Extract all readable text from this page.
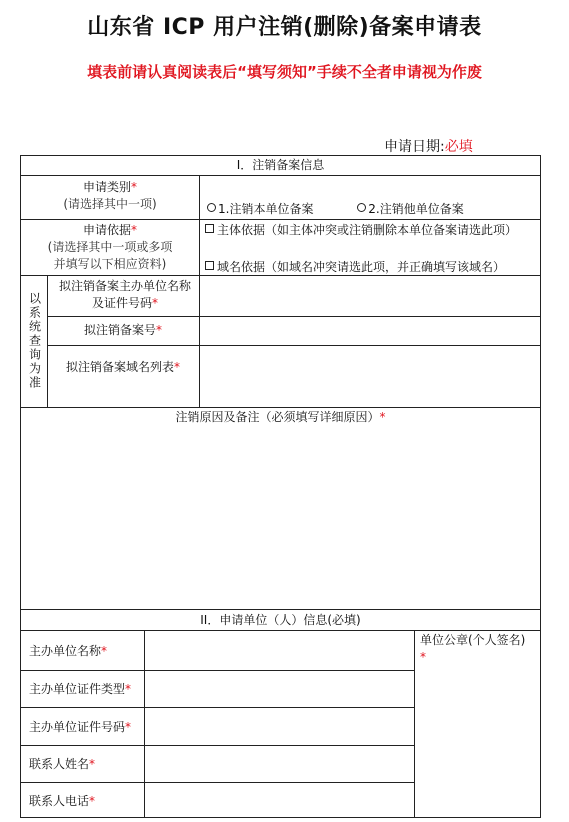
山东省 ICP 用户注销(删除)备案申请表
填表前请认真阅读表后“填写须知”手续不全者申请视为作废
申请日期:必填
I．注销备案信息
申请类别*
(请选择其中一项)	1.注销本单位备案	2.注销他单位备案
申请依据*
(请选择其中一项或多项
并填写以下相应资料)
主体依据（如主体冲突或注销删除本单位备案请选此项）
域名依据（如域名冲突请选此项，并正确填写该域名）
以系统查询为准
拟注销备案主办单位名称及证件号码*
拟注销备案号*
拟注销备案域名列表*
注销原因及备注（必须填写详细原因）*
II．申请单位（人）信息(必填)
主办单位名称*
主办单位证件类型*
主办单位证件号码*
联系人姓名*
联系人电话*
单位公章(个人签名)
*
